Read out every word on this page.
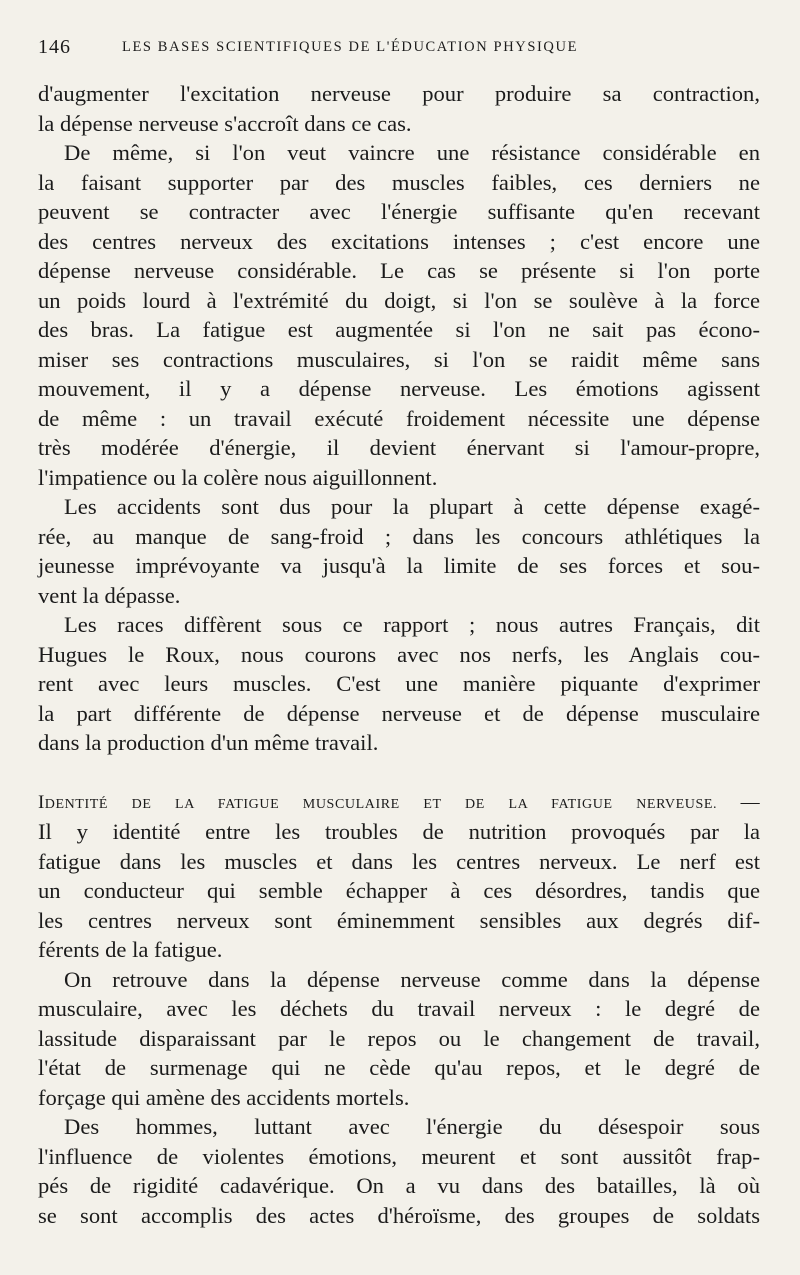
146	LES BASES SCIENTIFIQUES DE L'ÉDUCATION PHYSIQUE
d'augmenter l'excitation nerveuse pour produire sa contraction,
la dépense nerveuse s'accroît dans ce cas.
De même, si l'on veut vaincre une résistance considérable en
la faisant supporter par des muscles faibles, ces derniers ne
peuvent se contracter avec l'énergie suffisante qu'en recevant
des centres nerveux des excitations intenses ; c'est encore une
dépense nerveuse considérable. Le cas se présente si l'on porte
un poids lourd à l'extrémité du doigt, si l'on se soulève à la force
des bras. La fatigue est augmentée si l'on ne sait pas écono-
miser ses contractions musculaires, si l'on se raidit même sans
mouvement, il y a dépense nerveuse. Les émotions agissent
de même : un travail exécuté froidement nécessite une dépense
très modérée d'énergie, il devient énervant si l'amour-propre,
l'impatience ou la colère nous aiguillonnent.
Les accidents sont dus pour la plupart à cette dépense exagé-
rée, au manque de sang-froid ; dans les concours athlétiques la
jeunesse imprévoyante va jusqu'à la limite de ses forces et sou-
vent la dépasse.
Les races diffèrent sous ce rapport ; nous autres Français, dit
Hugues le Roux, nous courons avec nos nerfs, les Anglais cou-
rent avec leurs muscles. C'est une manière piquante d'exprimer
la part différente de dépense nerveuse et de dépense musculaire
dans la production d'un même travail.
IDENTITÉ DE LA FATIGUE MUSCULAIRE ET DE LA FATIGUE NERVEUSE. —
Il y identité entre les troubles de nutrition provoqués par la
fatigue dans les muscles et dans les centres nerveux. Le nerf est
un conducteur qui semble échapper à ces désordres, tandis que
les centres nerveux sont éminemment sensibles aux degrés dif-
férents de la fatigue.
On retrouve dans la dépense nerveuse comme dans la dépense
musculaire, avec les déchets du travail nerveux : le degré de
lassitude disparaissant par le repos ou le changement de travail,
l'état de surmenage qui ne cède qu'au repos, et le degré de
forçage qui amène des accidents mortels.
Des hommes, luttant avec l'énergie du désespoir sous
l'influence de violentes émotions, meurent et sont aussitôt frap-
pés de rigidité cadavérique. On a vu dans des batailles, là où
se sont accomplis des actes d'héroïsme, des groupes de soldats
